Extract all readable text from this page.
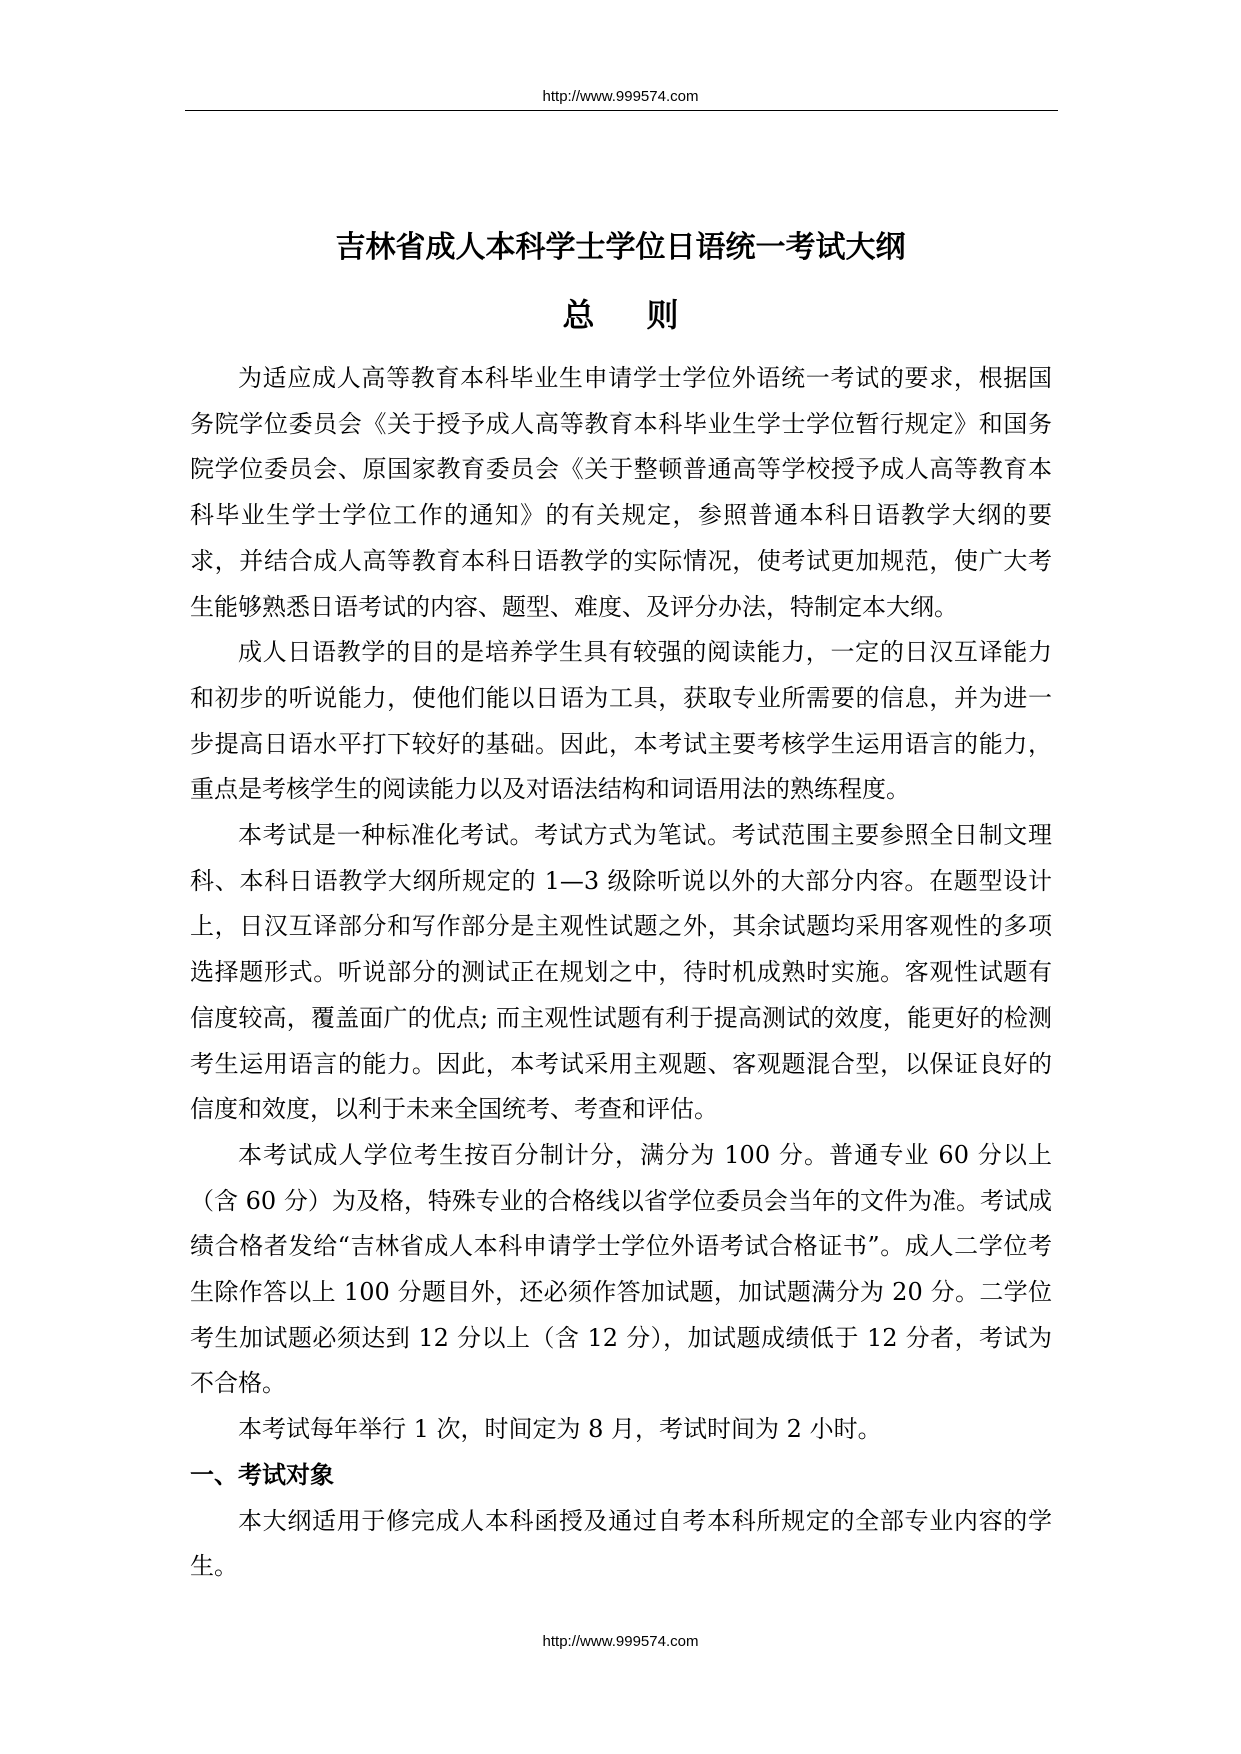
http://www.999574.com
吉林省成人本科学士学位日语统一考试大纲
总 则

为适应成人高等教育本科毕业生申请学士学位外语统一考试的要求，根据国务院学位委员会《关于授予成人高等教育本科毕业生学士学位暂行规定》和国务院学位委员会、原国家教育委员会《关于整顿普通高等学校授予成人高等教育本科毕业生学士学位工作的通知》的有关规定，参照普通本科日语教学大纲的要求，并结合成人高等教育本科日语教学的实际情况，使考试更加规范，使广大考生能够熟悉日语考试的内容、题型、难度、及评分办法，特制定本大纲。

成人日语教学的目的是培养学生具有较强的阅读能力，一定的日汉互译能力和初步的听说能力，使他们能以日语为工具，获取专业所需要的信息，并为进一步提高日语水平打下较好的基础。因此，本考试主要考核学生运用语言的能力，重点是考核学生的阅读能力以及对语法结构和词语用法的熟练程度。

本考试是一种标准化考试。考试方式为笔试。考试范围主要参照全日制文理科、本科日语教学大纲所规定的 1—3 级除听说以外的大部分内容。在题型设计上，日汉互译部分和写作部分是主观性试题之外，其余试题均采用客观性的多项选择题形式。听说部分的测试正在规划之中，待时机成熟时实施。客观性试题有信度较高，覆盖面广的优点; 而主观性试题有利于提高测试的效度，能更好的检测考生运用语言的能力。因此，本考试采用主观题、客观题混合型，以保证良好的信度和效度，以利于未来全国统考、考查和评估。

本考试成人学位考生按百分制计分，满分为 100 分。普通专业 60 分以上（含 60 分）为及格，特殊专业的合格线以省学位委员会当年的文件为准。考试成绩合格者发给“吉林省成人本科申请学士学位外语考试合格证书”。成人二学位考生除作答以上 100 分题目外，还必须作答加试题，加试题满分为 20 分。二学位考生加试题必须达到 12 分以上（含 12 分），加试题成绩低于 12 分者，考试为不合格。

本考试每年举行 1 次，时间定为 8 月，考试时间为 2 小时。

一、考试对象

本大纲适用于修完成人本科函授及通过自考本科所规定的全部专业内容的学生。

http://www.999574.com
